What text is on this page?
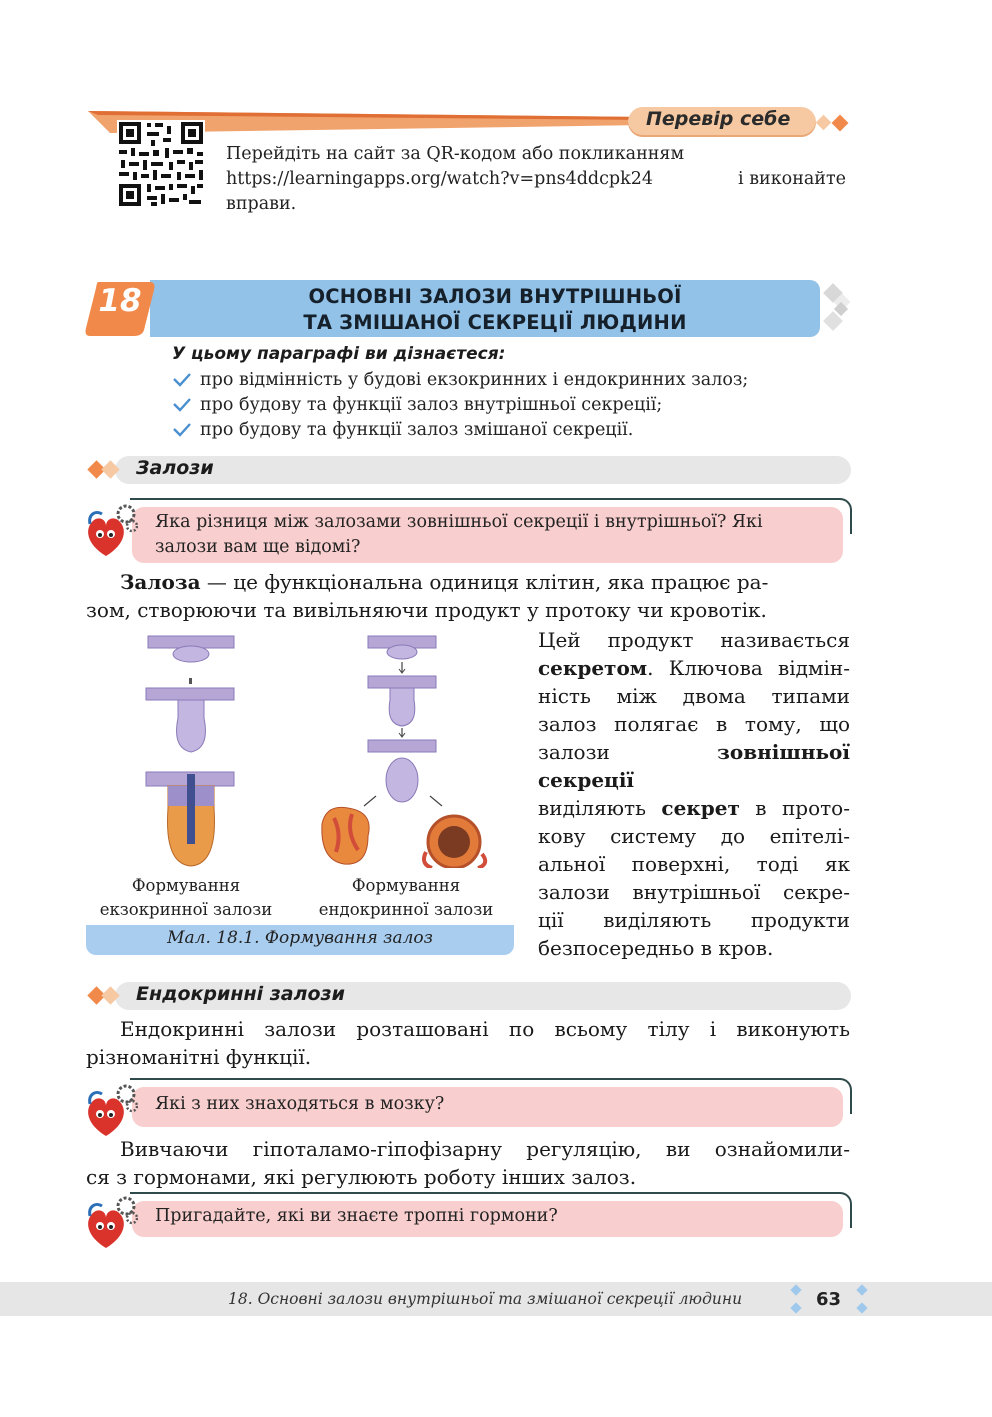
Перевір себе
Перейдіть на сайт за QR-кодом або покликанням
https://learningapps.org/watch?v=pns4ddcpk24	і виконайте
вправи.
18	ОСНОВНІ ЗАЛОЗИ ВНУТРІШНЬОЇ
ТА ЗМІШАНОЇ СЕКРЕЦІЇ ЛЮДИНИ
У цьому параграфі ви дізнаєтеся:
про відмінність у будові екзокринних і ендокринних залоз;
про будову та функції залоз внутрішньої секреції;
про будову та функції залоз змішаної секреції.
Залози
Яка різниця між залозами зовнішньої секреції і внутрішньої? Які
залози вам ще відомі?
Залоза — це функціональна одиниця клітин, яка працює ра-
зом, створюючи та вивільняючи продукт у протоку чи кровотік.
Цей продукт називається
секретом. Ключова відмін-
ність між двома типами
залоз полягає в тому, що
залози зовнішньої секреції
виділяють секрет в прото-
кову систему до епітелі-
альної поверхні, тоді як
залози внутрішньої секре-
ції виділяють продукти
безпосередньо в кров.
Формування
екзокринної залози
Формування
ендокринної залози
Мал. 18.1. Формування залоз
Ендокринні залози
Ендокринні залози розташовані по всьому тілу і виконують
різноманітні функції.
Які з них знаходяться в мозку?
Вивчаючи гіпоталамо-гіпофізарну регуляцію, ви ознайомили-
ся з гормонами, які регулюють роботу інших залоз.
Пригадайте, які ви знаєте тропні гормони?
18. Основні залози внутрішньої та змішаної секреції людини	63
